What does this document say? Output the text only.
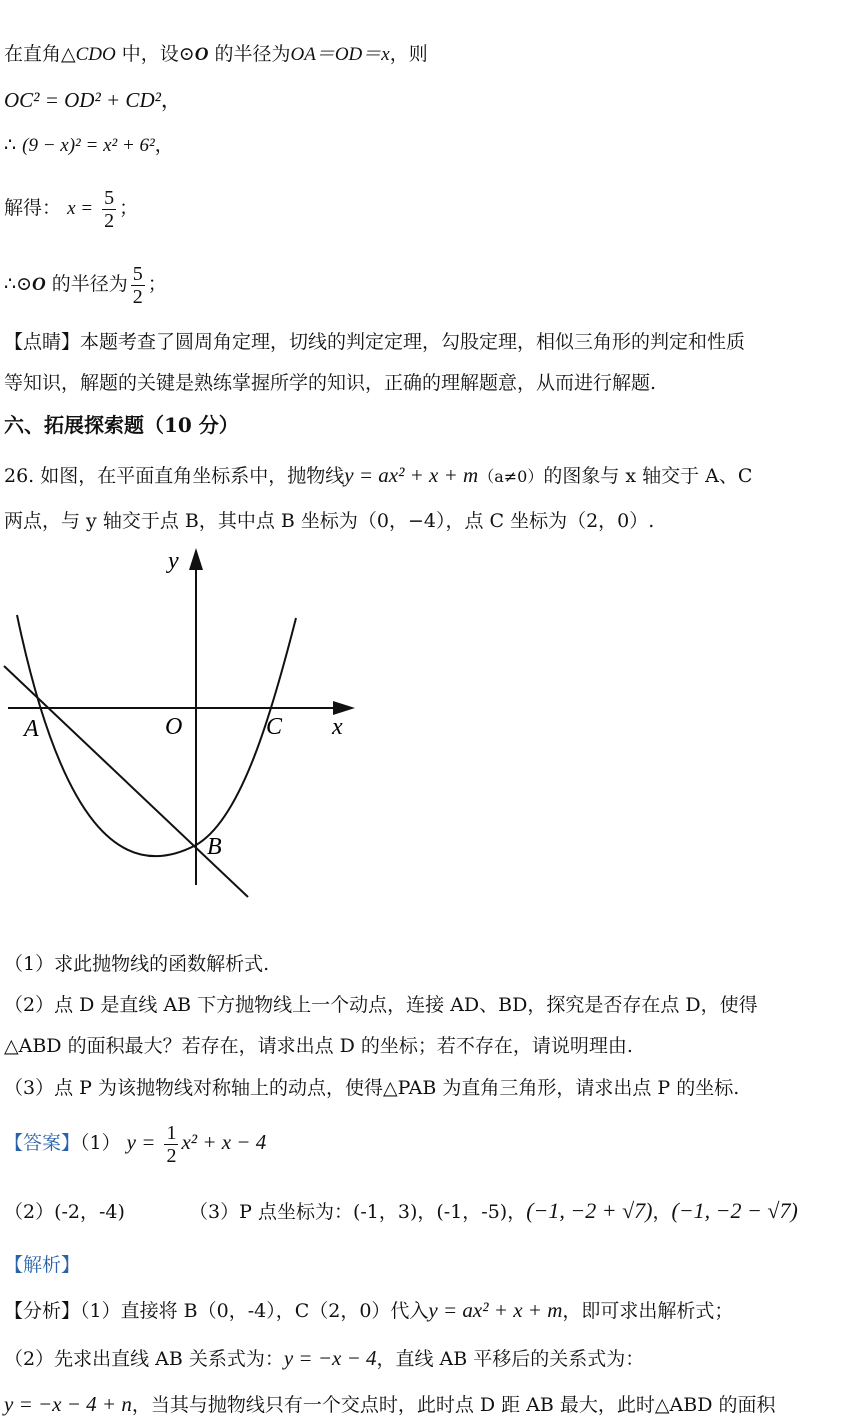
在直角△CDO 中，设⊙O 的半径为OA＝OD＝x，则
OC² = OD² + CD²，
∴ (9 − x)² = x² + 6²，
解得： $x = \frac{5}{2}$ ；
∴⊙O 的半径为 $\frac{5}{2}$ ；
【点睛】本题考查了圆周角定理，切线的判定定理，勾股定理，相似三角形的判定和性质
等知识，解题的关键是熟练掌握所学的知识，正确的理解题意，从而进行解题.
六、拓展探索题（10 分）
26. 如图，在平面直角坐标系中，抛物线y = ax² + x + m（a≠0）的图象与 x 轴交于 A、C
两点，与 y 轴交于点 B，其中点 B 坐标为（0，−4），点 C 坐标为（2，0）.
y
x
A	O	C
B
（1）求此抛物线的函数解析式.
（2）点 D 是直线 AB 下方抛物线上一个动点，连接 AD、BD，探究是否存在点 D，使得
△ABD 的面积最大？若存在，请求出点 D 的坐标；若不存在，请说明理由.
（3）点 P 为该抛物线对称轴上的动点，使得△PAB 为直角三角形，请求出点 P 的坐标.
【答案】（1） $y = \frac{1}{2} x^2 + x - 4$
（2）(-2，-4)	（3）P 点坐标为：(-1，3)，(-1，-5)，(−1, −2 + √7)，(−1, −2 − √7)
【解析】
【分析】（1）直接将 B（0，-4），C（2，0）代入y = ax² + x + m，即可求出解析式；
（2）先求出直线 AB 关系式为：y = −x − 4，直线 AB 平移后的关系式为：
y = −x − 4 + n，当其与抛物线只有一个交点时，此时点 D 距 AB 最大，此时△ABD 的面积
